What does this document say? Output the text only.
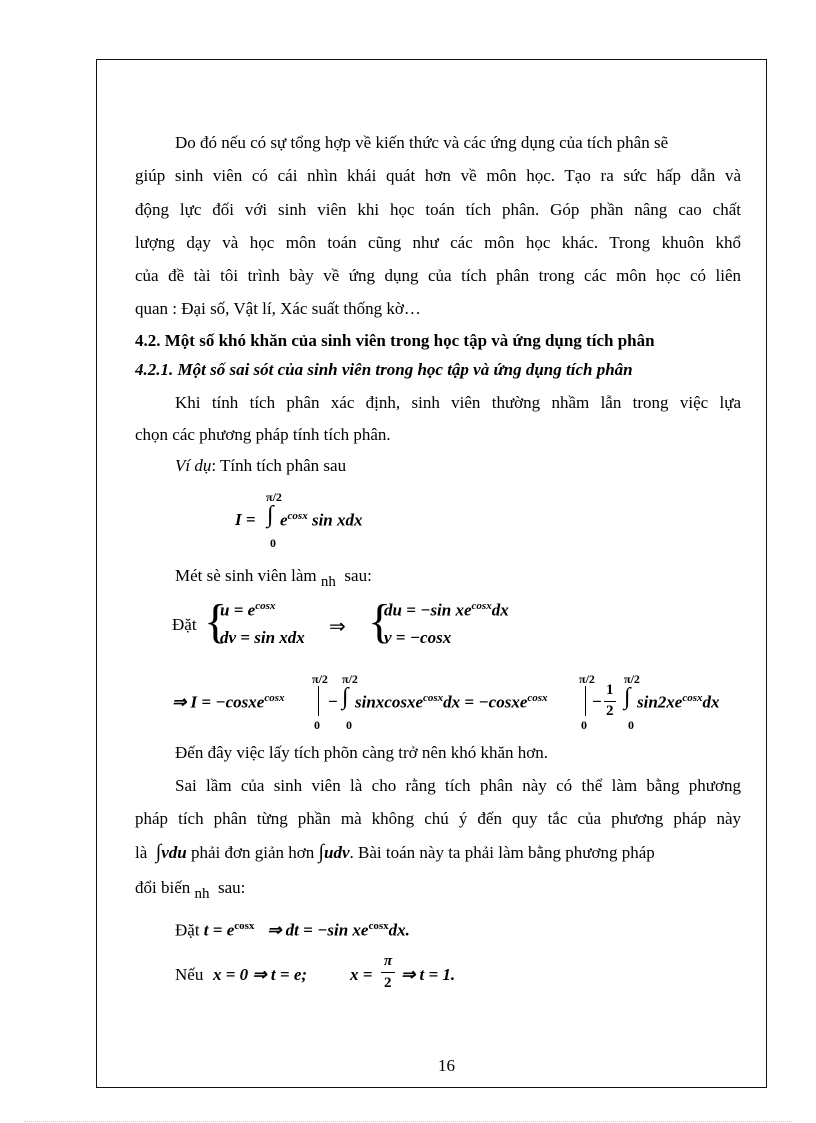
Do đó nếu có sự tổng hợp về kiến thức và các ứng dụng của tích phân sẽ
giúp sinh viên có cái nhìn khái quát hơn về môn học. Tạo ra sức hấp dẫn và
động lực đối với sinh viên khi học toán tích phân. Góp phần nâng cao chất
lượng dạy và học môn toán cũng như các môn học khác. Trong khuôn khổ
của đề tài tôi trình bày về ứng dụng của tích phân trong các môn học có liên
quan : Đại số, Vật lí, Xác suất thống kờ…
4.2. Một số khó khăn của sinh viên trong học tập và ứng dụng tích phân
4.2.1. Một số sai sót của sinh viên trong học tập và ứng dụng tích phân
Khi tính tích phân xác định, sinh viên thường nhầm lẫn trong việc lựa
chọn các phương pháp tính tích phân.
Ví dụ: Tính tích phân sau
I =
π/2
∫
0
$e^{cosx}$ sin xdx
Mét sè sinh viên làm nh sau:
Đặt {
$u = e^{cosx}$
dv = sin xdx ⇒ {
du = −sin $xe^{cosx}dx$
v = −cosx
⇒ I = −cosxe$^{cosx}$
π/2
0
−
π/2
∫
0
sinxcosxe$^{cosx}$dx = −cosxe$^{cosx}$
π/2
0
−
1
2
π/2
∫
0
$\sin 2xe^{cosx}dx$
Đến đây việc lấy tích phõn càng trở nên khó khăn hơn.
Sai lầm của sinh viên là cho rằng tích phân này có thể làm bằng phương
pháp tích phân từng phần mà không chú ý đến quy tắc của phương pháp này
là ∫vdu phải đơn giản hơn ∫udv. Bài toán này ta phải làm bằng phương pháp
đổi biến nh sau:
Đặt $t = e^{cosx}$ ⇒ dt = −sin $xe^{cosx}dx$.
Nếu x = 0 ⇒ t = e;	x =
π
2 ⇒ t = 1.
16
